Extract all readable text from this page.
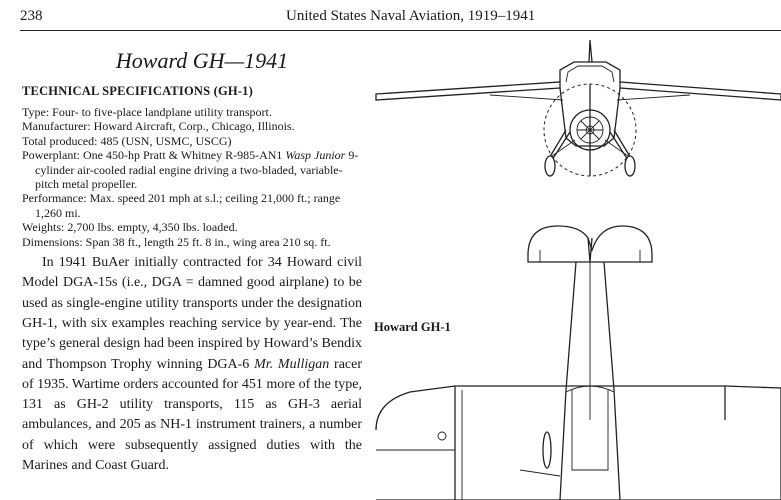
238	United States Naval Aviation, 1919–1941
Howard GH—1941
TECHNICAL SPECIFICATIONS (GH-1)
Type: Four- to five-place landplane utility transport.
Manufacturer: Howard Aircraft, Corp., Chicago, Illinois.
Total produced: 485 (USN, USMC, USCG)
Powerplant: One 450-hp Pratt & Whitney R-985-AN1 Wasp Junior 9-cylinder air-cooled radial engine driving a two-bladed, variable-pitch metal propeller.
Performance: Max. speed 201 mph at s.l.; ceiling 21,000 ft.; range 1,260 mi.
Weights: 2,700 lbs. empty, 4,350 lbs. loaded.
Dimensions: Span 38 ft., length 25 ft. 8 in., wing area 210 sq. ft.
In 1941 BuAer initially contracted for 34 Howard civil Model DGA-15s (i.e., DGA = damned good airplane) to be used as single-engine utility transports under the designation GH-1, with six examples reaching service by year-end. The type’s general design had been inspired by Howard’s Bendix and Thompson Trophy winning DGA-6 Mr. Mulligan racer of 1935. Wartime orders accounted for 451 more of the type, 131 as GH-2 utility transports, 115 as GH-3 aerial ambulances, and 205 as NH-1 instrument trainers, a number of which were subsequently assigned duties with the Marines and Coast Guard.
Howard GH-1
